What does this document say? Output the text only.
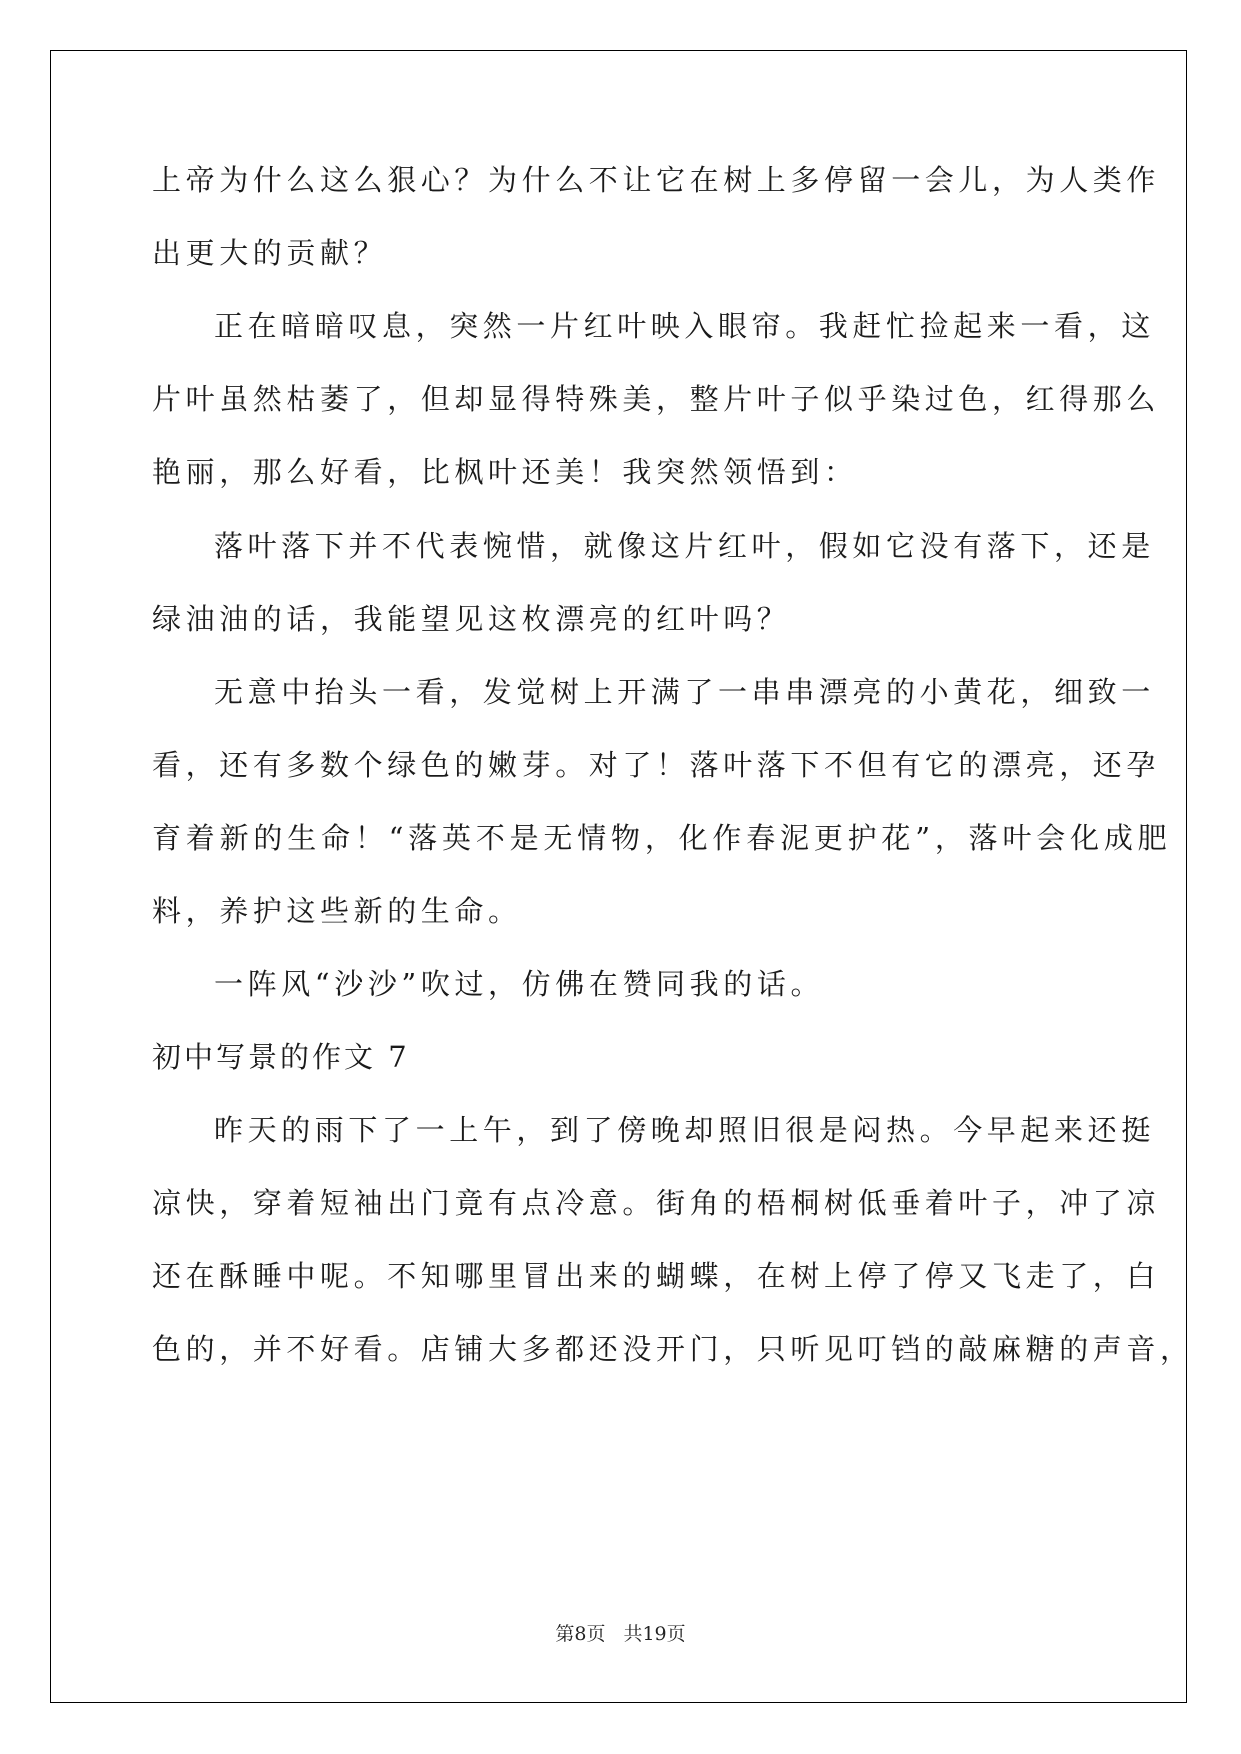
上帝为什么这么狠心？为什么不让它在树上多停留一会儿，为人类作
出更大的贡献？
正在暗暗叹息，突然一片红叶映入眼帘。我赶忙捡起来一看，这
片叶虽然枯萎了，但却显得特殊美，整片叶子似乎染过色，红得那么
艳丽，那么好看，比枫叶还美！我突然领悟到：
落叶落下并不代表惋惜，就像这片红叶，假如它没有落下，还是
绿油油的话，我能望见这枚漂亮的红叶吗？
无意中抬头一看，发觉树上开满了一串串漂亮的小黄花，细致一
看，还有多数个绿色的嫩芽。对了！落叶落下不但有它的漂亮，还孕
育着新的生命！“落英不是无情物，化作春泥更护花”，落叶会化成肥
料，养护这些新的生命。
一阵风“沙沙”吹过，仿佛在赞同我的话。
初中写景的作文 7
昨天的雨下了一上午，到了傍晚却照旧很是闷热。今早起来还挺
凉快，穿着短袖出门竟有点冷意。街角的梧桐树低垂着叶子，冲了凉
还在酥睡中呢。不知哪里冒出来的蝴蝶，在树上停了停又飞走了，白
色的，并不好看。店铺大多都还没开门，只听见叮铛的敲麻糖的声音，
第8页 共19页
